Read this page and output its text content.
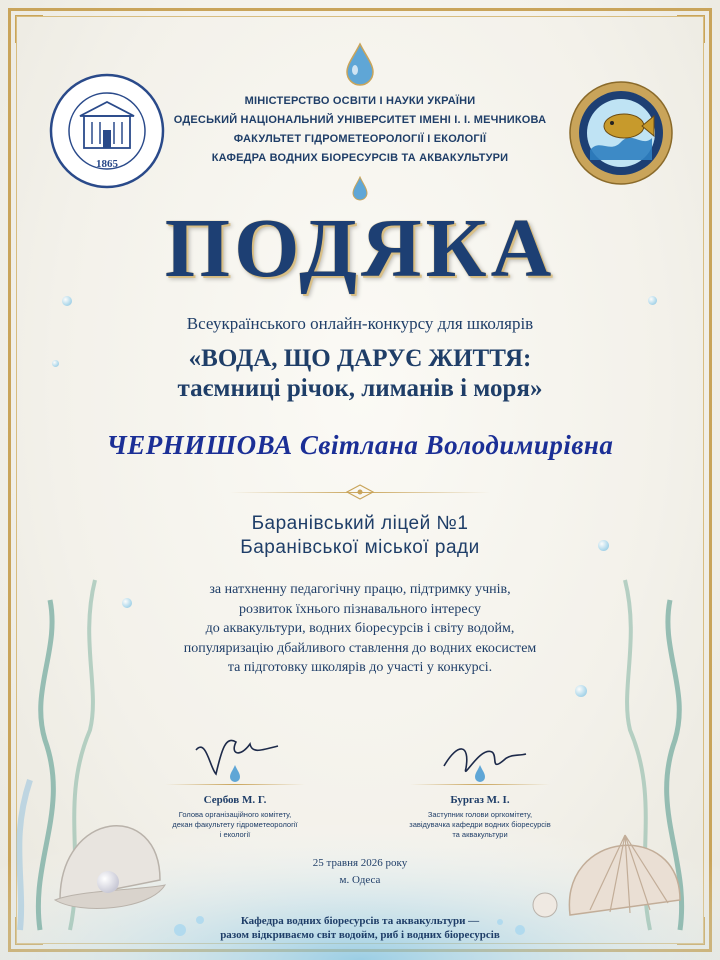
1865
МІНІСТЕРСТВО ОСВІТИ І НАУКИ УКРАЇНИ
ОДЕСЬКИЙ НАЦІОНАЛЬНИЙ УНІВЕРСИТЕТ ІМЕНІ І. І. МЕЧНИКОВА
ФАКУЛЬТЕТ ГІДРОМЕТЕОРОЛОГІЇ І ЕКОЛОГІЇ
КАФЕДРА ВОДНИХ БІОРЕСУРСІВ ТА АКВАКУЛЬТУРИ
ПОДЯКА
Всеукраїнського онлайн-конкурсу для школярів
«ВОДА, ЩО ДАРУЄ ЖИТТЯ:
таємниці річок, лиманів і моря»
ЧЕРНИШОВА Світлана Володимирівна
Баранівський ліцей №1
Баранівської міської ради
за натхненну педагогічну працю, підтримку учнів,
розвиток їхнього пізнавального інтересу
до аквакультури, водних біоресурсів і світу водойм,
популяризацію дбайливого ставлення до водних екосистем
та підготовку школярів до участі у конкурсі.
Сербов М. Г.
Голова організаційного комітету,
декан факультету гідрометеорології
і екології
Бургаз М. І.
Заступник голови оргкомітету,
завідувачка кафедри водних біоресурсів
та аквакультури
25 травня 2026 року
м. Одеса
Кафедра водних біоресурсів та аквакультури —
разом відкриваємо світ водойм, риб і водних біоресурсів
